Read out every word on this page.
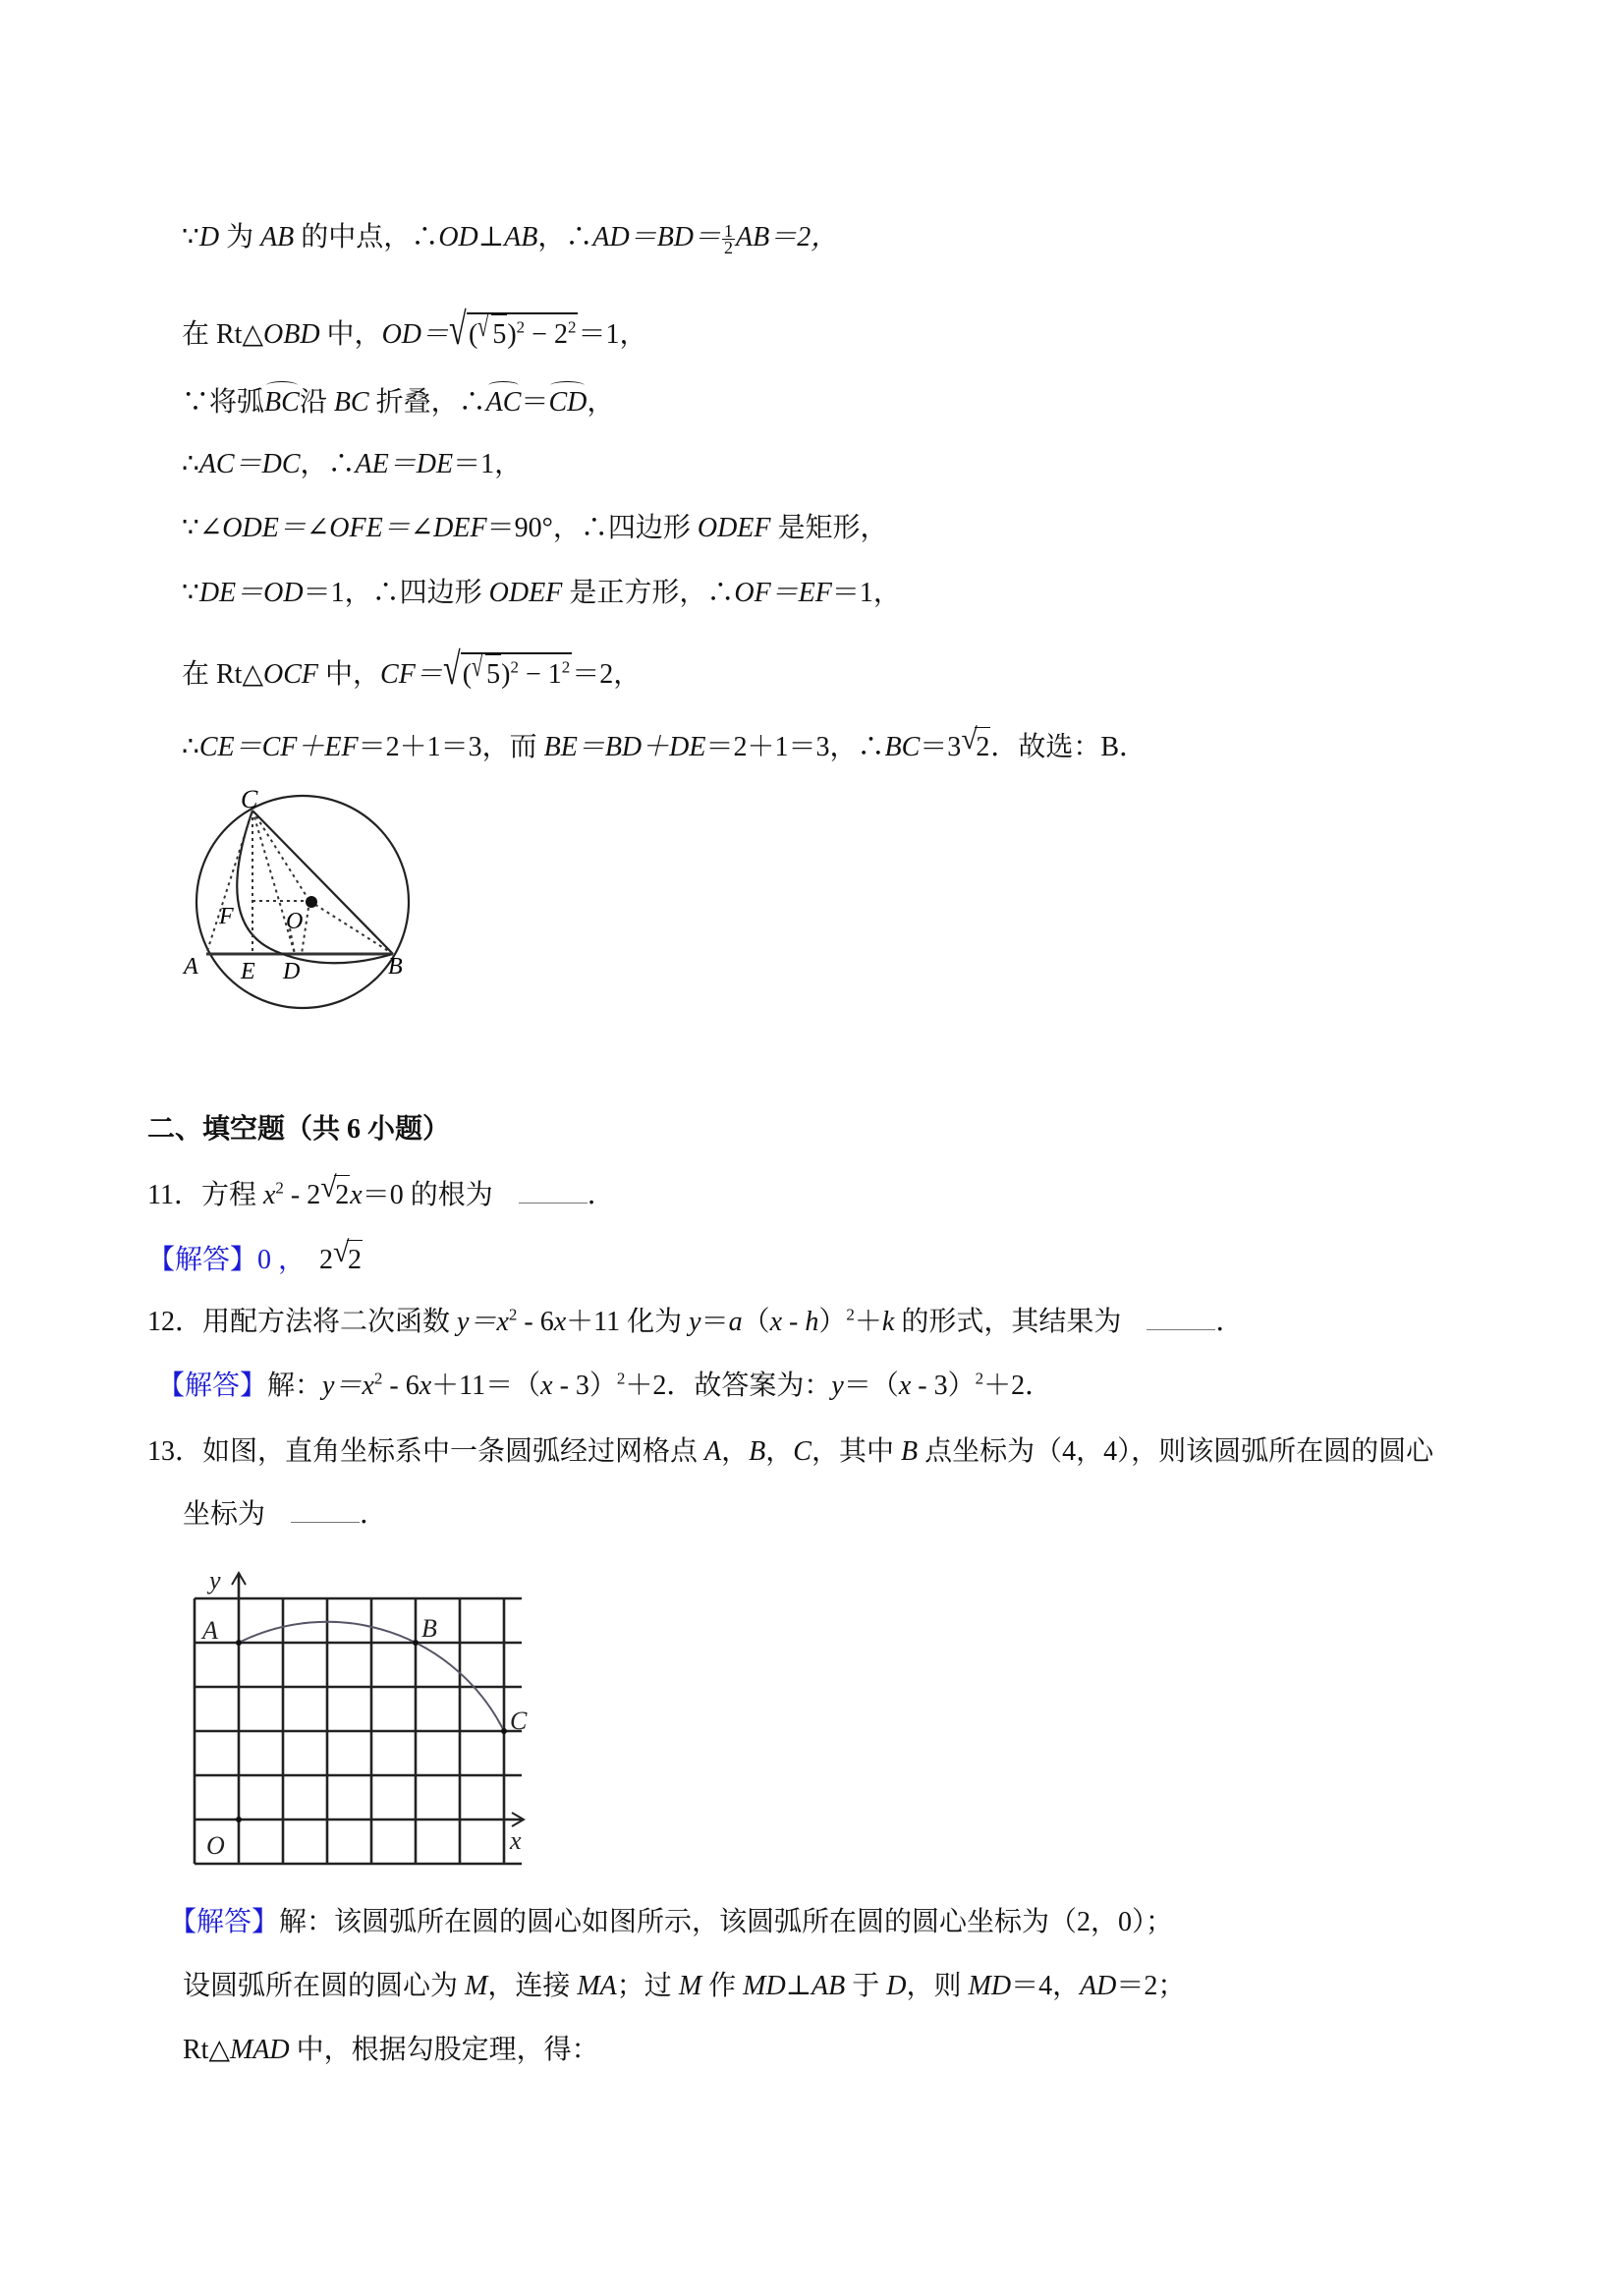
∵D 为 AB 的中点，∴OD⊥AB，∴AD＝BD＝ $\frac{1}{2} AB=2$，
在 Rt△OBD 中，OD＝ √ ( √ $5)^2 - 2^2=1$，
∵将弧BC沿 BC 折叠，∴AC＝CD，
∴AC＝DC，∴AE＝DE＝1，
∵∠ODE＝∠OFE＝∠DEF＝90°，∴四边形 ODEF 是矩形，
∵DE＝OD＝1，∴四边形 ODEF 是正方形，∴OF＝EF＝1，
在 Rt△OCF 中，CF＝ √ ( √ $5)^2 - 1^2=2$，
∴CE＝CF＋EF＝2＋1＝3，而 BE＝BD＋DE＝2＋1＝3，∴BC＝3 √
2．故选：B．
C
F O
A E D	B
二、填空题（共 6 小题）
11．方程 $x^2 - 2$ √
2x＝0 的根为	．
【解答】0 ， 2 √
2
12．用配方法将二次函数 $y=x^2 - 6x+11$ 化为 y＝a（x - h）$^2$＋k 的形式，其结果为	．
【解答】解：$y=x^2 - 6x+11=(x - 3)^2+2$．故答案为：y＝（x - 3）$^2$＋2．
13．如图，直角坐标系中一条圆弧经过网格点 A，B，C，其中 B 点坐标为（4，4），则该圆弧所在圆的圆心
坐标为	．
y
A	B
C
O	x
【解答】解：该圆弧所在圆的圆心如图所示，该圆弧所在圆的圆心坐标为（2，0）；
设圆弧所在圆的圆心为 M，连接 MA；过 M 作 MD⊥AB 于 D，则 MD＝4，AD＝2；
Rt△MAD 中，根据勾股定理，得：
